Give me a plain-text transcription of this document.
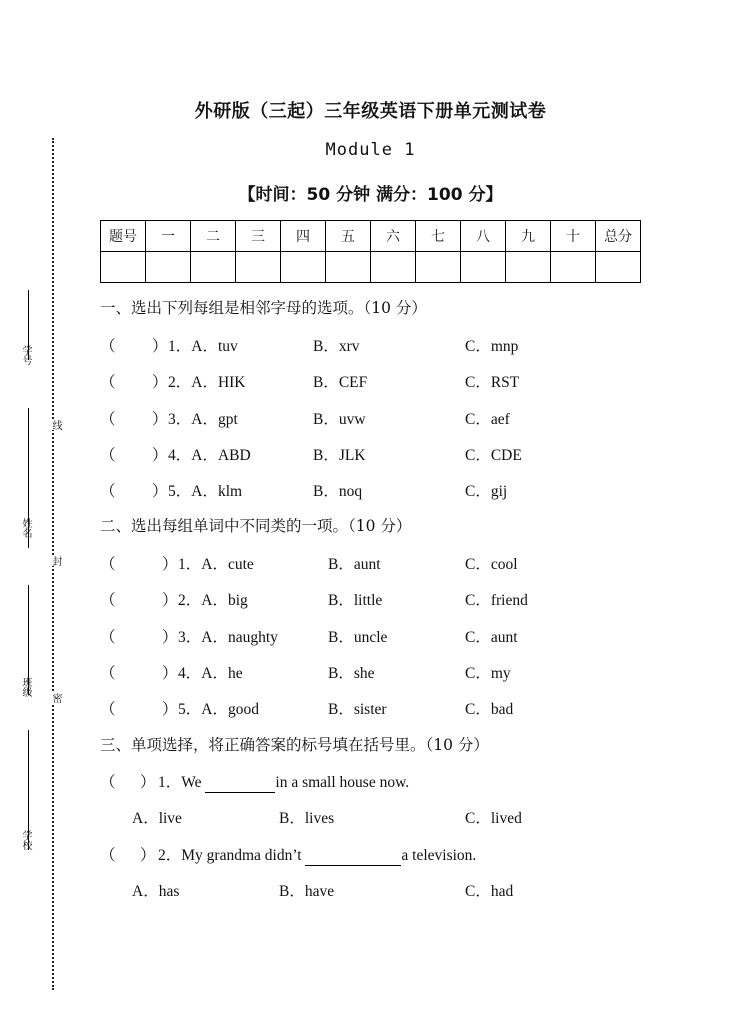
学号
姓名
班级
学校
线
封
密
外研版（三起）三年级英语下册单元测试卷
Module 1
【时间：50 分钟 满分：100 分】
题号	一	二	三	四	五	六	七	八	九	十	总分

一、选出下列每组是相邻字母的选项。（10 分）
（ ） 1．A．tuv	B．xrv	C．mnp
（ ） 2．A．HIK	B．CEF	C．RST
（ ） 3．A．gpt	B．uvw	C．aef
（ ） 4．A．ABD	B．JLK	C．CDE
（ ） 5．A．klm	B．noq	C．gij
二、选出每组单词中不同类的一项。（10 分）
（	） 1．A．cute	B．aunt	C．cool
（	） 2．A．big	B．little	C．friend
（	） 3．A．naughty	B．uncle	C．aunt
（	） 4．A．he	B．she	C．my
（	） 5．A．good	B．sister	C．bad
三、单项选择，将正确答案的标号填在括号里。（10 分）
（ ） 1．We	in a small house now.
A．live	B．lives	C．lived
（ ） 2．My grandma didn’t	a television.
A．has	B．have	C．had
